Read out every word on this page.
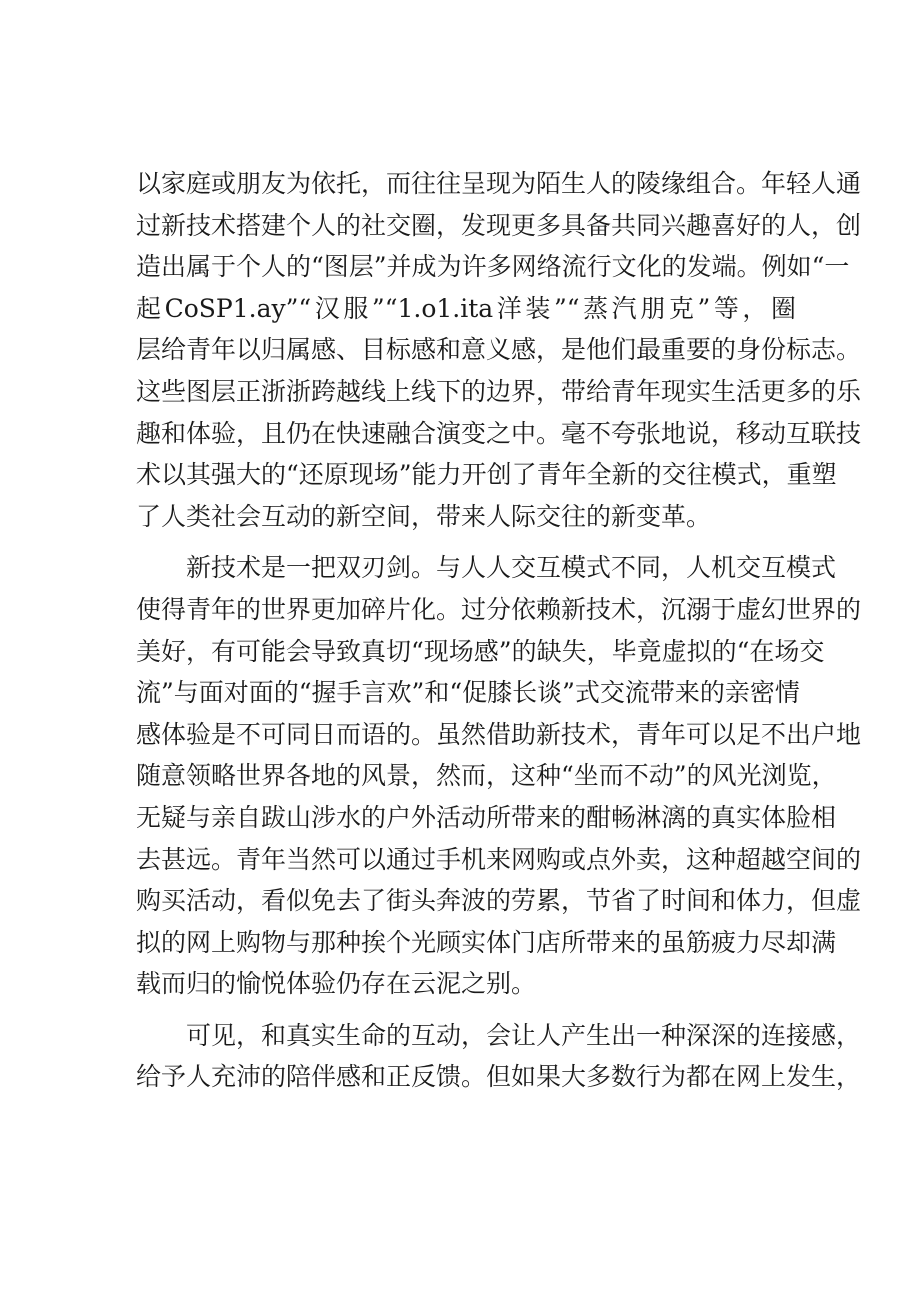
以家庭或朋友为依托，而往往呈现为陌生人的陵缘组合。年轻人通
过新技术搭建个人的社交圈，发现更多具备共同兴趣喜好的人，创
造出属于个人的“图层”并成为许多网络流行文化的发端。例如“一
起CoSP1.ay”“汉服”“1.o1.ita洋装”“蒸汽朋克”等，圈
层给青年以归属感、目标感和意义感，是他们最重要的身份标志。
这些图层正浙浙跨越线上线下的边界，带给青年现实生活更多的乐
趣和体验，且仍在快速融合演变之中。毫不夸张地说，移动互联技
术以其强大的“还原现场”能力开创了青年全新的交往模式，重塑
了人类社会互动的新空间，带来人际交往的新变革。
　　新技术是一把双刃剑。与人人交互模式不同，人机交互模式
使得青年的世界更加碎片化。过分依赖新技术，沉溺于虚幻世界的
美好，有可能会导致真切“现场感”的缺失，毕竟虚拟的“在场交
流”与面对面的“握手言欢”和“促膝长谈”式交流带来的亲密情
感体验是不可同日而语的。虽然借助新技术，青年可以足不出户地
随意领略世界各地的风景，然而，这种“坐而不动”的风光浏览，
无疑与亲自跋山涉水的户外活动所带来的酣畅淋漓的真实体脸相
去甚远。青年当然可以通过手机来网购或点外卖，这种超越空间的
购买活动，看似免去了街头奔波的劳累，节省了时间和体力，但虚
拟的网上购物与那种挨个光顾实体门店所带来的虽筋疲力尽却满
载而归的愉悦体验仍存在云泥之别。
　　可见，和真实生命的互动，会让人产生出一种深深的连接感，
给予人充沛的陪伴感和正反馈。但如果大多数行为都在网上发生，
